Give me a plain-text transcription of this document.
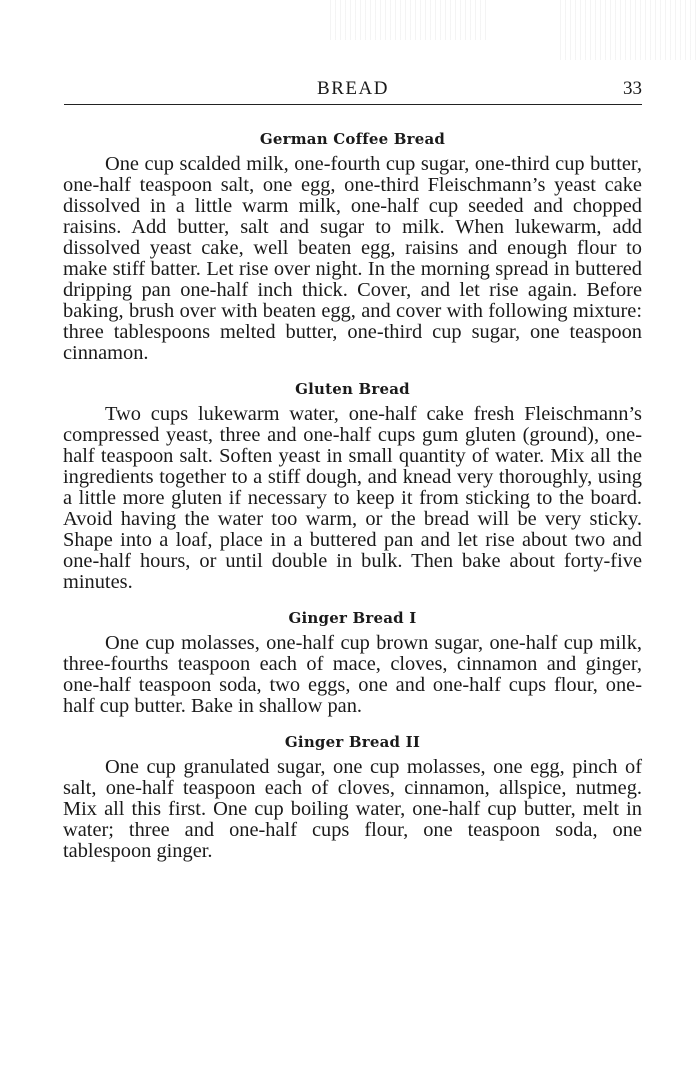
BREAD	33
German Coffee Bread

One cup scalded milk, one-fourth cup sugar, one-third cup butter, one-half teaspoon salt, one egg, one-third Fleischmann’s yeast cake dissolved in a little warm milk, one-half cup seeded and chopped raisins. Add butter, salt and sugar to milk. When lukewarm, add dissolved yeast cake, well beaten egg, raisins and enough flour to make stiff batter. Let rise over night. In the morning spread in buttered dripping pan one-half inch thick. Cover, and let rise again. Before baking, brush over with beaten egg, and cover with following mixture: three tablespoons melted butter, one-third cup sugar, one teaspoon cinnamon.

Gluten Bread

Two cups lukewarm water, one-half cake fresh Fleischmann’s compressed yeast, three and one-half cups gum gluten (ground), one-half teaspoon salt. Soften yeast in small quantity of water. Mix all the ingredients together to a stiff dough, and knead very thoroughly, using a little more gluten if necessary to keep it from sticking to the board. Avoid having the water too warm, or the bread will be very sticky. Shape into a loaf, place in a buttered pan and let rise about two and one-half hours, or until double in bulk. Then bake about forty-five minutes.

Ginger Bread I

One cup molasses, one-half cup brown sugar, one-half cup milk, three-fourths teaspoon each of mace, cloves, cinnamon and ginger, one-half teaspoon soda, two eggs, one and one-half cups flour, one-half cup butter. Bake in shallow pan.

Ginger Bread II

One cup granulated sugar, one cup molasses, one egg, pinch of salt, one-half teaspoon each of cloves, cinnamon, allspice, nutmeg. Mix all this first. One cup boiling water, one-half cup butter, melt in water; three and one-half cups flour, one teaspoon soda, one tablespoon ginger.
